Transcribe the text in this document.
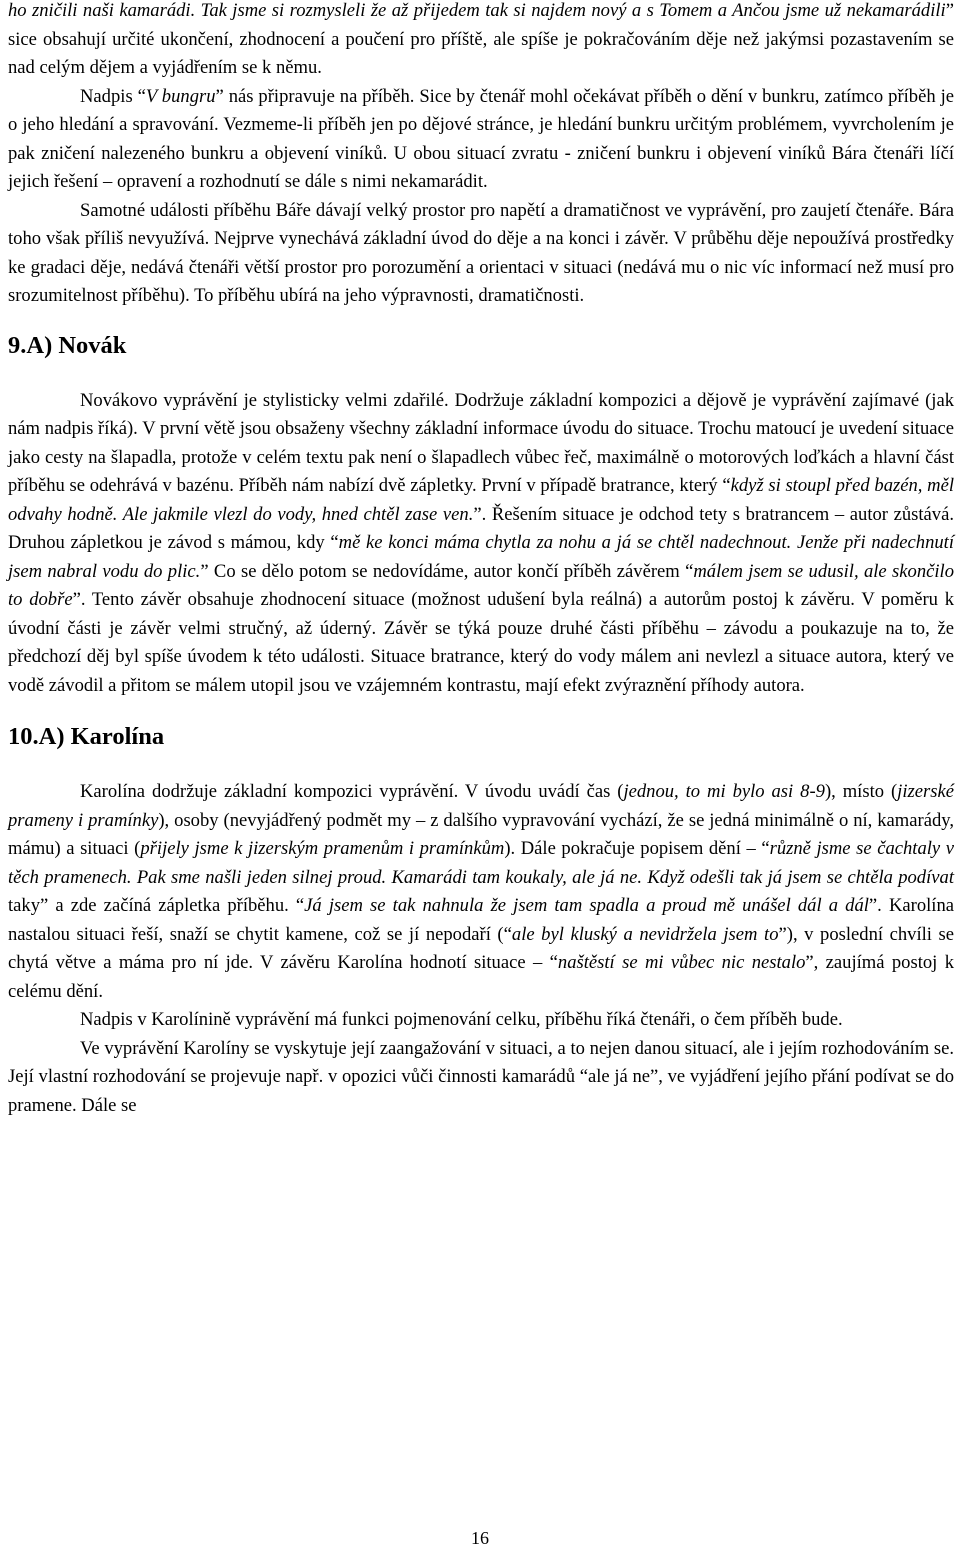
ho zničili naši kamarádi. Tak jsme si rozmysleli že až přijedem tak si najdem nový a s Tomem a Ančou jsme už nekamarádili” sice obsahují určité ukončení, zhodnocení a poučení pro příště, ale spíše je pokračováním děje než jakýmsi pozastavením se nad celým dějem a vyjádřením se k němu.

Nadpis “V bungru” nás připravuje na příběh. Sice by čtenář mohl očekávat příběh o dění v bunkru, zatímco příběh je o jeho hledání a spravování. Vezmeme-li příběh jen po dějové stránce, je hledání bunkru určitým problémem, vyvrcholením je pak zničení nalezeného bunkru a objevení viníků. U obou situací zvratu - zničení bunkru i objevení viníků Bára čtenáři líčí jejich řešení – opravení a rozhodnutí se dále s nimi nekamarádit.

Samotné události příběhu Báře dávají velký prostor pro napětí a dramatičnost ve vyprávění, pro zaujetí čtenáře. Bára toho však příliš nevyužívá. Nejprve vynechává základní úvod do děje a na konci i závěr. V průběhu děje nepoužívá prostředky ke gradaci děje, nedává čtenáři větší prostor pro porozumění a orientaci v situaci (nedává mu o nic víc informací než musí pro srozumitelnost příběhu). To příběhu ubírá na jeho výpravnosti, dramatičnosti.

9.A) Novák

Novákovo vyprávění je stylisticky velmi zdařilé. Dodržuje základní kompozici a dějově je vyprávění zajímavé (jak nám nadpis říká). V první větě jsou obsaženy všechny základní informace úvodu do situace. Trochu matoucí je uvedení situace jako cesty na šlapadla, protože v celém textu pak není o šlapadlech vůbec řeč, maximálně o motorových loďkách a hlavní část příběhu se odehrává v bazénu. Příběh nám nabízí dvě zápletky. První v případě bratrance, který “když si stoupl před bazén, měl odvahy hodně. Ale jakmile vlezl do vody, hned chtěl zase ven.”. Řešením situace je odchod tety s bratrancem – autor zůstává. Druhou zápletkou je závod s mámou, kdy “mě ke konci máma chytla za nohu a já se chtěl nadechnout. Jenže při nadechnutí jsem nabral vodu do plic.” Co se dělo potom se nedovídáme, autor končí příběh závěrem “málem jsem se udusil, ale skončilo to dobře”. Tento závěr obsahuje zhodnocení situace (možnost udušení byla reálná) a autorům postoj k závěru. V poměru k úvodní části je závěr velmi stručný, až úderný. Závěr se týká pouze druhé části příběhu – závodu a poukazuje na to, že předchozí děj byl spíše úvodem k této události. Situace bratrance, který do vody málem ani nevlezl a situace autora, který ve vodě závodil a přitom se málem utopil jsou ve vzájemném kontrastu, mají efekt zvýraznění příhody autora.

10.A) Karolína

Karolína dodržuje základní kompozici vyprávění. V úvodu uvádí čas (jednou, to mi bylo asi 8-9), místo (jizerské prameny i pramínky), osoby (nevyjádřený podmět my – z dalšího vypravování vychází, že se jedná minimálně o ní, kamarády, mámu) a situaci (přijely jsme k jizerským pramenům i pramínkům). Dále pokračuje popisem dění – “různě jsme se čachtaly v těch pramenech. Pak sme našli jeden silnej proud. Kamarádi tam koukaly, ale já ne. Když odešli tak já jsem se chtěla podívat taky” a zde začíná zápletka příběhu. “Já jsem se tak nahnula že jsem tam spadla a proud mě unášel dál a dál”. Karolína nastalou situaci řeší, snaží se chytit kamene, což se jí nepodaří (“ale byl kluský a nevidržela jsem to”), v poslední chvíli se chytá větve a máma pro ní jde. V závěru Karolína hodnotí situace – “naštěstí se mi vůbec nic nestalo”, zaujímá postoj k celému dění.

Nadpis v Karolínině vyprávění má funkci pojmenování celku, příběhu říká čtenáři, o čem příběh bude.

Ve vyprávění Karolíny se vyskytuje její zaangažování v situaci, a to nejen danou situací, ale i jejím rozhodováním se. Její vlastní rozhodování se projevuje např. v opozici vůči činnosti kamarádů “ale já ne”, ve vyjádření jejího přání podívat se do pramene. Dále se

16
